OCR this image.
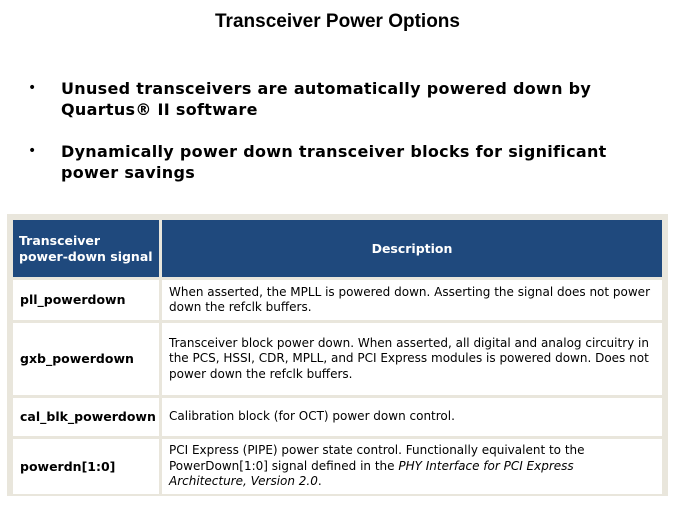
Transceiver Power Options
• Unused transceivers are automatically powered down by Quartus® II software
• Dynamically power down transceiver blocks for significant power savings
Transceiver power-down signal	Description
pll_powerdown	When asserted, the MPLL is powered down. Asserting the signal does not power down the refclk buffers.
gxb_powerdown	Transceiver block power down. When asserted, all digital and analog circuitry in the PCS, HSSI, CDR, MPLL, and PCI Express modules is powered down. Does not power down the refclk buffers.
cal_blk_powerdown	Calibration block (for OCT) power down control.
powerdn[1:0]	PCI Express (PIPE) power state control. Functionally equivalent to the PowerDown[1:0] signal defined in the PHY Interface for PCI Express Architecture, Version 2.0.
